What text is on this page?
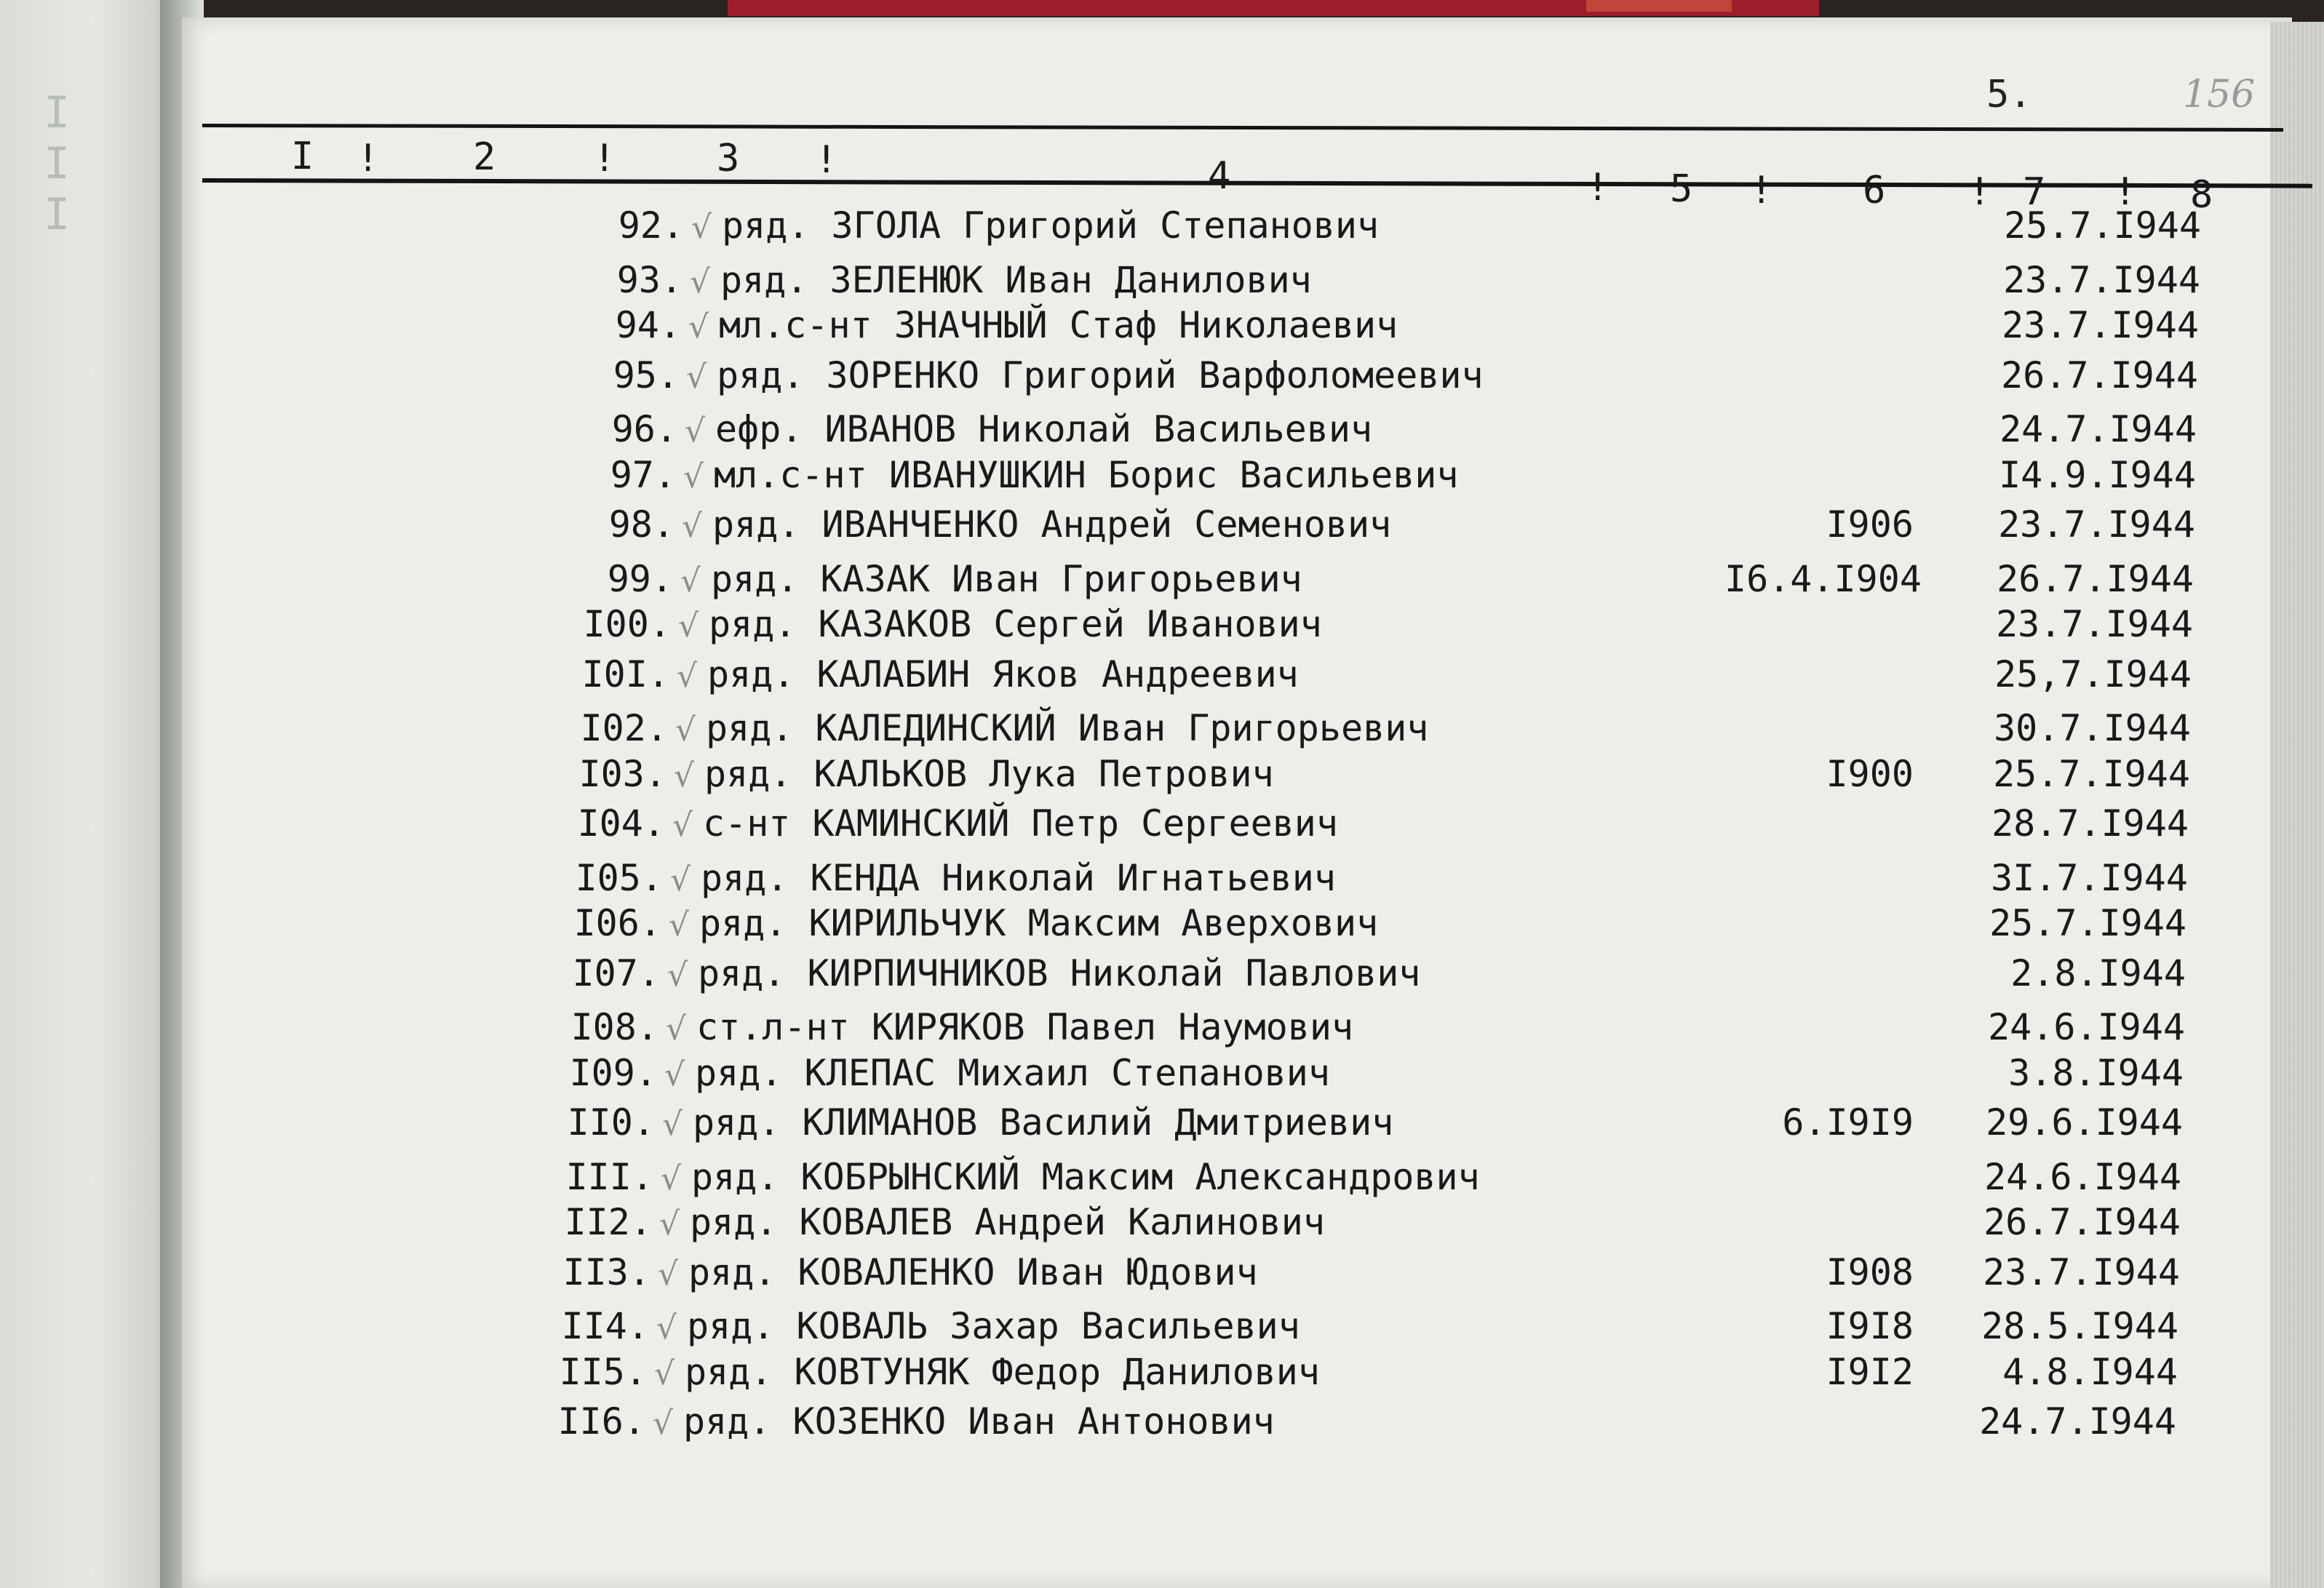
I I I
5.	156
I ! 2	!	3 !	4	! 5 ! 6 ! 7 ! 8
92. √ ряд. ЗГОЛА Григорий Степанович	25.7.I944
93. √ ряд. ЗЕЛЕНЮК Иван Данилович	23.7.I944
94. √ мл.с-нт ЗНАЧНЫЙ Стаф Николаевич	23.7.I944
95. √ ряд. ЗОРЕНКО Григорий Варфоломеевич	26.7.I944
96. √ ефр. ИВАНОВ Николай Васильевич	24.7.I944
97. √ мл.с-нт ИВАНУШКИН Борис Васильевич	I4.9.I944
98. √ ряд. ИВАНЧЕНКО Андрей Семенович	I906	23.7.I944
99. √ ряд. КАЗАК Иван Григорьевич	I6.4.I904	26.7.I944
I00. √ ряд. КАЗАКОВ Сергей Иванович	23.7.I944
I0I. √ ряд. КАЛАБИН Яков Андреевич	25,7.I944
I02. √ ряд. КАЛЕДИНСКИЙ Иван Григорьевич	30.7.I944
I03. √ ряд. КАЛЬКОВ Лука Петрович	I900	25.7.I944
I04. √ с-нт КАМИНСКИЙ Петр Сергеевич	28.7.I944
I05. √ ряд. КЕНДА Николай Игнатьевич	3I.7.I944
I06. √ ряд. КИРИЛЬЧУК Максим Аверхович	25.7.I944
I07. √ ряд. КИРПИЧНИКОВ Николай Павлович	2.8.I944
I08. √ ст.л-нт КИРЯКОВ Павел Наумович	24.6.I944
I09. √ ряд. КЛЕПАС Михаил Степанович	3.8.I944
II0. √ ряд. КЛИМАНОВ Василий Дмитриевич	6.I9I9	29.6.I944
III. √ ряд. КОБРЫНСКИЙ Максим Александрович	24.6.I944
II2. √ ряд. КОВАЛЕВ Андрей Калинович	26.7.I944
II3. √ ряд. КОВАЛЕНКО Иван Юдович	I908	23.7.I944
II4. √ ряд. КОВАЛЬ Захар Васильевич	I9I8	28.5.I944
II5. √ ряд. КОВТУНЯК Федор Данилович	I9I2	4.8.I944
II6. √ ряд. КОЗЕНКО Иван Антонович	24.7.I944
